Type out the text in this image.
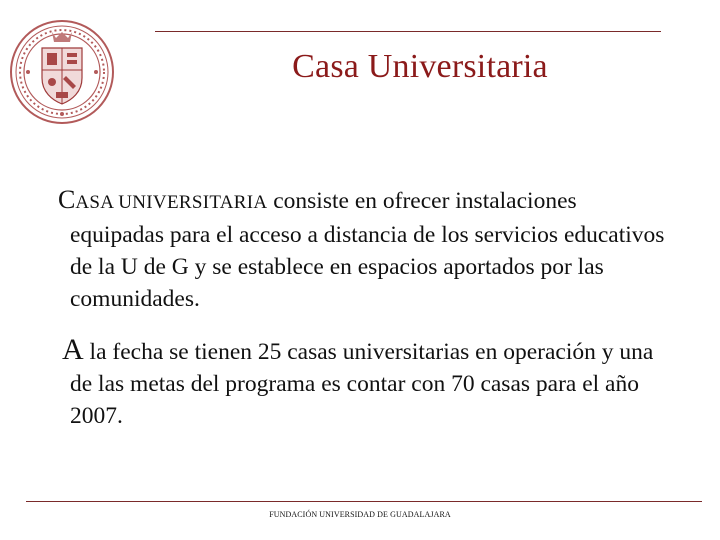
Casa Universitaria
CASA UNIVERSITARIA consiste en ofrecer instalaciones equipadas para el acceso a distancia de los servicios educativos de la U de G y se establece en espacios aportados por las comunidades.
A la fecha se tienen 25 casas universitarias en operación y una de las metas del programa es contar con 70 casas para el año 2007.
FUNDACIÓN UNIVERSIDAD DE GUADALAJARA
